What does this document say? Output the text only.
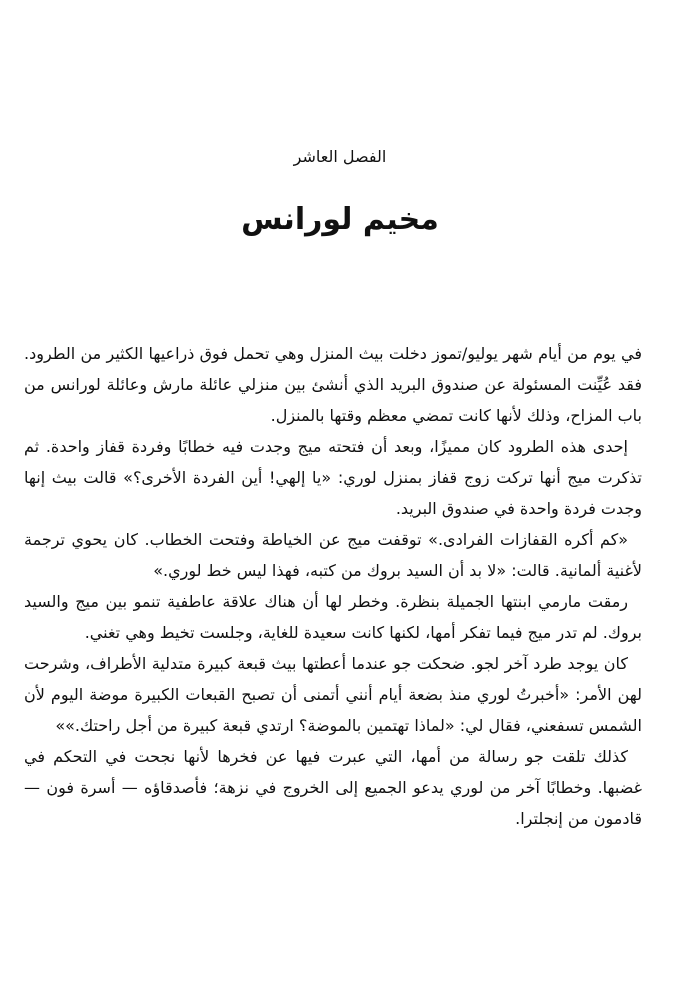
الفصل العاشر
مخيم لورانس

في يوم من أيام شهر يوليو/تموز دخلت بيث المنزل وهي تحمل فوق ذراعيها الكثير من الطرود. فقد عُيِّنت المسئولة عن صندوق البريد الذي أنشئ بين منزلي عائلة مارش وعائلة لورانس من باب المزاح، وذلك لأنها كانت تمضي معظم وقتها بالمنزل.

إحدى هذه الطرود كان مميزًا، وبعد أن فتحته ميج وجدت فيه خطابًا وفردة قفاز واحدة. ثم تذكرت ميج أنها تركت زوج قفاز بمنزل لوري: «يا إلهي! أين الفردة الأخرى؟» قالت بيث إنها وجدت فردة واحدة في صندوق البريد.

«كم أكره القفازات الفرادى.» توقفت ميج عن الخياطة وفتحت الخطاب. كان يحوي ترجمة لأغنية ألمانية. قالت: «لا بد أن السيد بروك من كتبه، فهذا ليس خط لوري.»

رمقت مارمي ابنتها الجميلة بنظرة. وخطر لها أن هناك علاقة عاطفية تنمو بين ميج والسيد بروك. لم تدر ميج فيما تفكر أمها، لكنها كانت سعيدة للغاية، وجلست تخيط وهي تغني.

كان يوجد طرد آخر لجو. ضحكت جو عندما أعطتها بيث قبعة كبيرة متدلية الأطراف، وشرحت لهن الأمر: «أخبرتُ لوري منذ بضعة أيام أنني أتمنى أن تصبح القبعات الكبيرة موضة اليوم لأن الشمس تسفعني، فقال لي: «لماذا تهتمين بالموضة؟ ارتدي قبعة كبيرة من أجل راحتك.»»

كذلك تلقت جو رسالة من أمها، التي عبرت فيها عن فخرها لأنها نجحت في التحكم في غضبها. وخطابًا آخر من لوري يدعو الجميع إلى الخروج في نزهة؛ فأصدقاؤه — أسرة فون — قادمون من إنجلترا.
